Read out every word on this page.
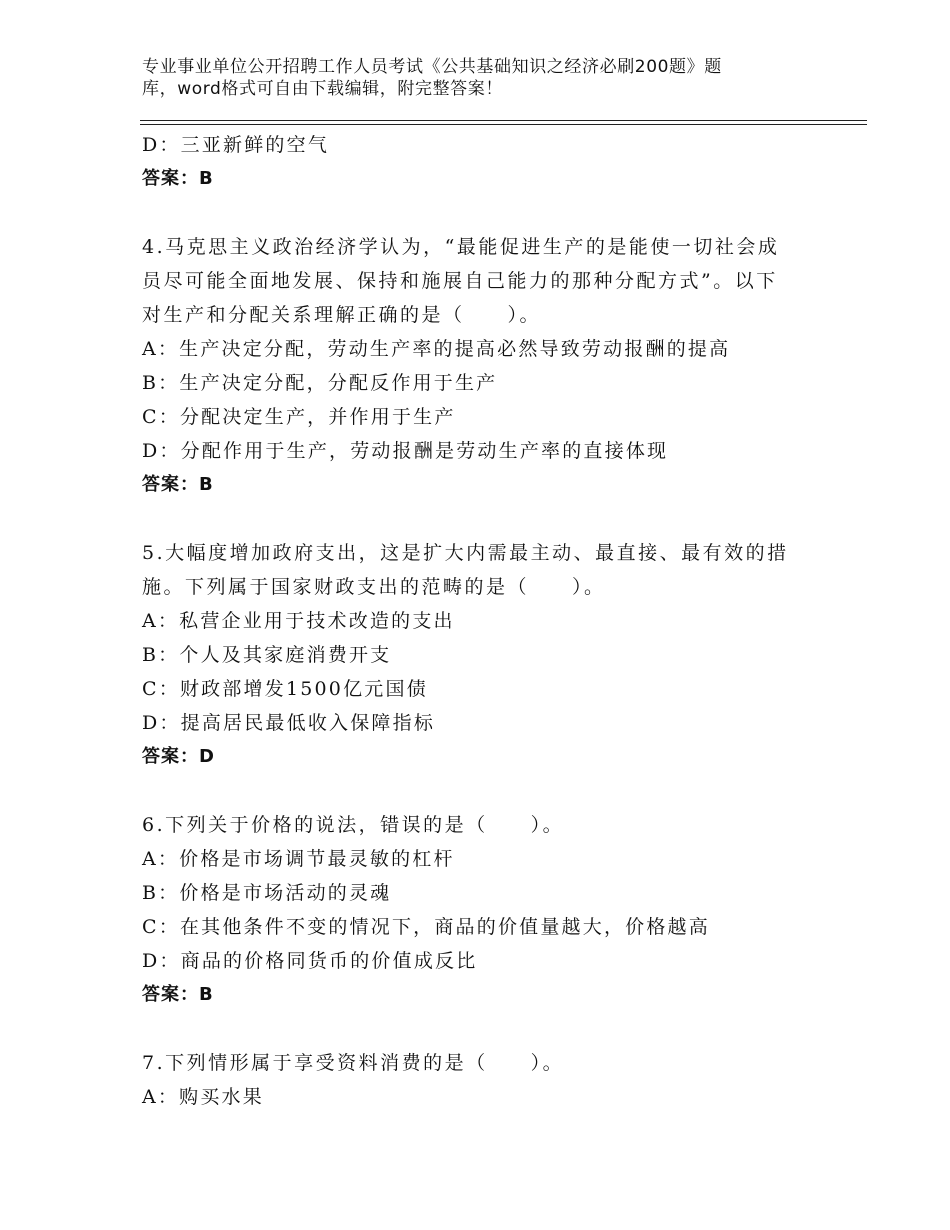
专业事业单位公开招聘工作人员考试《公共基础知识之经济必刷200题》题
库，word格式可自由下载编辑，附完整答案！
D：三亚新鲜的空气
答案：B
4.马克思主义政治经济学认为，“最能促进生产的是能使一切社会成
员尽可能全面地发展、保持和施展自己能力的那种分配方式”。以下
对生产和分配关系理解正确的是（　　）。
A：生产决定分配，劳动生产率的提高必然导致劳动报酬的提高
B：生产决定分配，分配反作用于生产
C：分配决定生产，并作用于生产
D：分配作用于生产，劳动报酬是劳动生产率的直接体现
答案：B
5.大幅度增加政府支出，这是扩大内需最主动、最直接、最有效的措
施。下列属于国家财政支出的范畴的是（　　）。
A：私营企业用于技术改造的支出
B：个人及其家庭消费开支
C：财政部增发1500亿元国债
D：提高居民最低收入保障指标
答案：D
6.下列关于价格的说法，错误的是（　　）。
A：价格是市场调节最灵敏的杠杆
B：价格是市场活动的灵魂
C：在其他条件不变的情况下，商品的价值量越大，价格越高
D：商品的价格同货币的价值成反比
答案：B
7.下列情形属于享受资料消费的是（　　）。
A：购买水果
